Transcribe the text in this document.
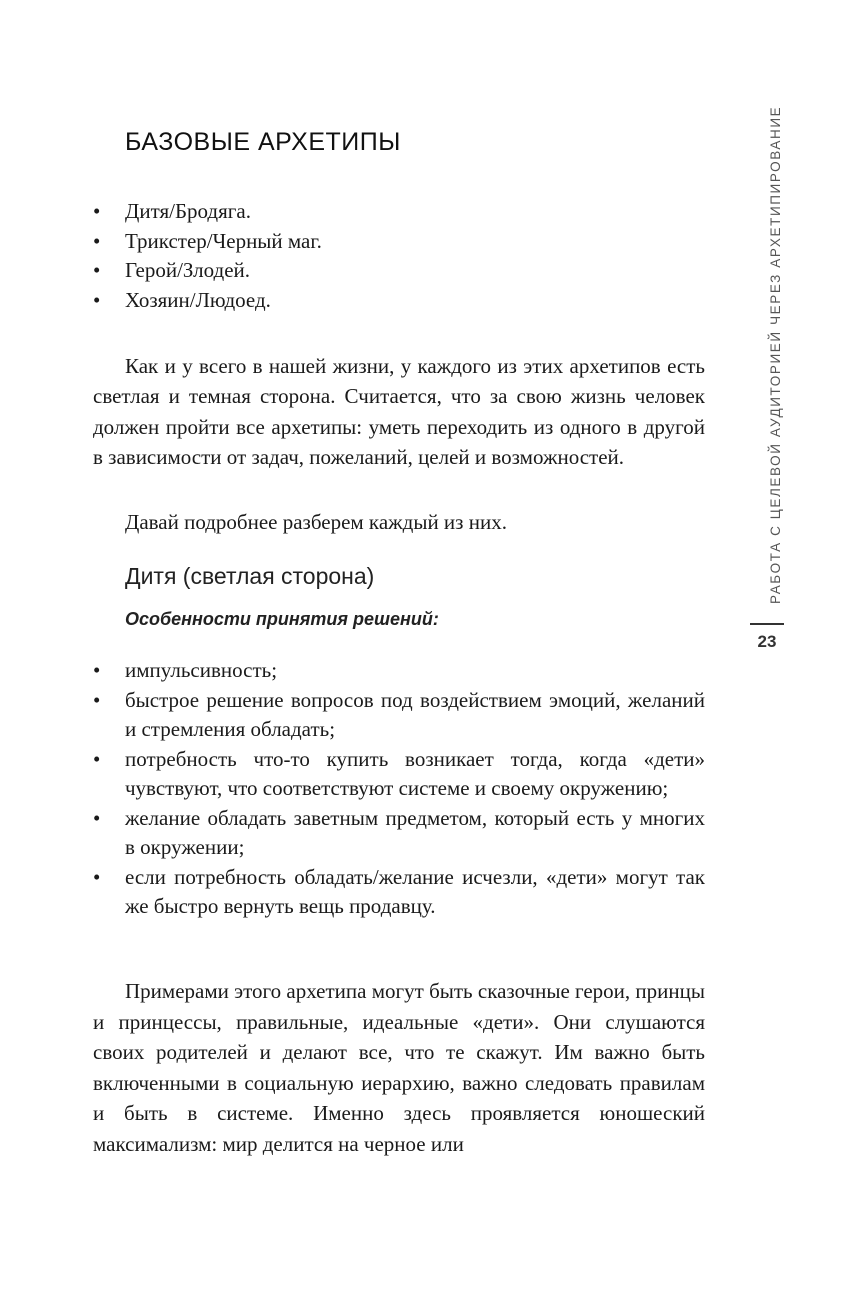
БАЗОВЫЕ АРХЕТИПЫ
• Дитя/Бродяга.
• Трикстер/Черный маг.
• Герой/Злодей.
• Хозяин/Людоед.

Как и у всего в нашей жизни, у каждого из этих архетипов есть светлая и темная сторона. Считается, что за свою жизнь человек должен пройти все архетипы: уметь переходить из одного в другой в зависимости от задач, пожеланий, целей и возможностей.

Давай подробнее разберем каждый из них.

Дитя (светлая сторона)
Особенности принятия решений:
• импульсивность;
• быстрое решение вопросов под воздействием эмоций, желаний и стремления обладать;
• потребность что-то купить возникает тогда, когда «дети» чувствуют, что соответствуют системе и своему окружению;
• желание обладать заветным предметом, который есть у многих в окружении;
• если потребность обладать/желание исчезли, «дети» могут так же быстро вернуть вещь продавцу.

Примерами этого архетипа могут быть сказочные герои, принцы и принцессы, правильные, идеальные «дети». Они слушаются своих родителей и делают все, что те скажут. Им важно быть включенными в социальную иерархию, важно следовать правилам и быть в системе. Именно здесь проявляется юношеский максимализм: мир делится на черное или

РАБОТА С ЦЕЛЕВОЙ АУДИТОРИЕЙ ЧЕРЕЗ АРХЕТИПИРОВАНИЕ
23
